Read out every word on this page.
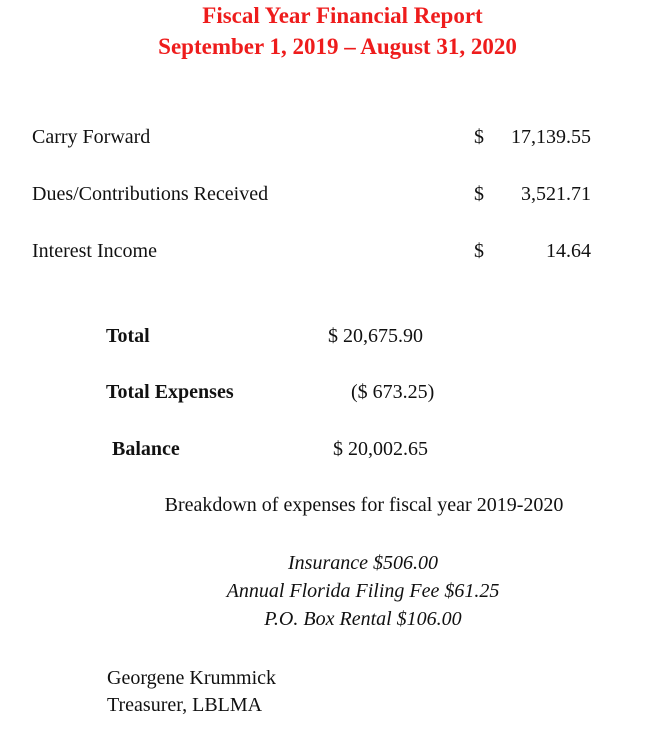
Fiscal Year Financial Report
September 1, 2019 – August 31, 2020
Carry Forward	$ 17,139.55
Dues/Contributions Received	$ 3,521.71
Interest Income	$	14.64
Total	$ 20,675.90
Total Expenses	($ 673.25)
Balance	$ 20,002.65
Breakdown of expenses for fiscal year 2019-2020
Insurance $506.00
Annual Florida Filing Fee $61.25
P.O. Box Rental $106.00
Georgene Krummick
Treasurer, LBLMA
